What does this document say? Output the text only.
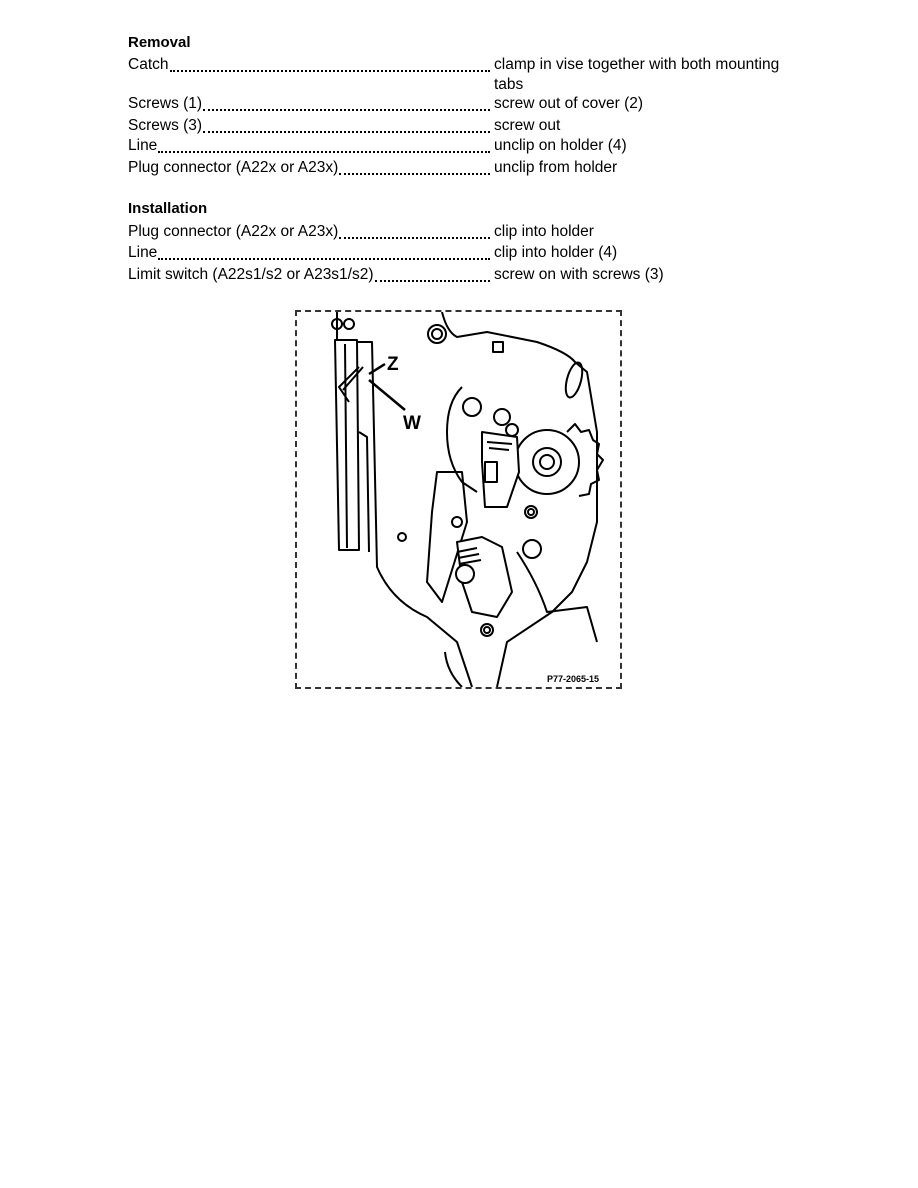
Removal
Catch	clamp in vise together with both mounting tabs
Screws (1)	screw out of cover (2)
Screws (3)	screw out
Line	unclip on holder (4)
Plug connector (A22x or A23x)	unclip from holder
Installation
Plug connector (A22x or A23x)	clip into holder
Line	clip into holder (4)
Limit switch (A22s1/s2 or A23s1/s2)	screw on with screws (3)
Z
W
P77-2065-15
